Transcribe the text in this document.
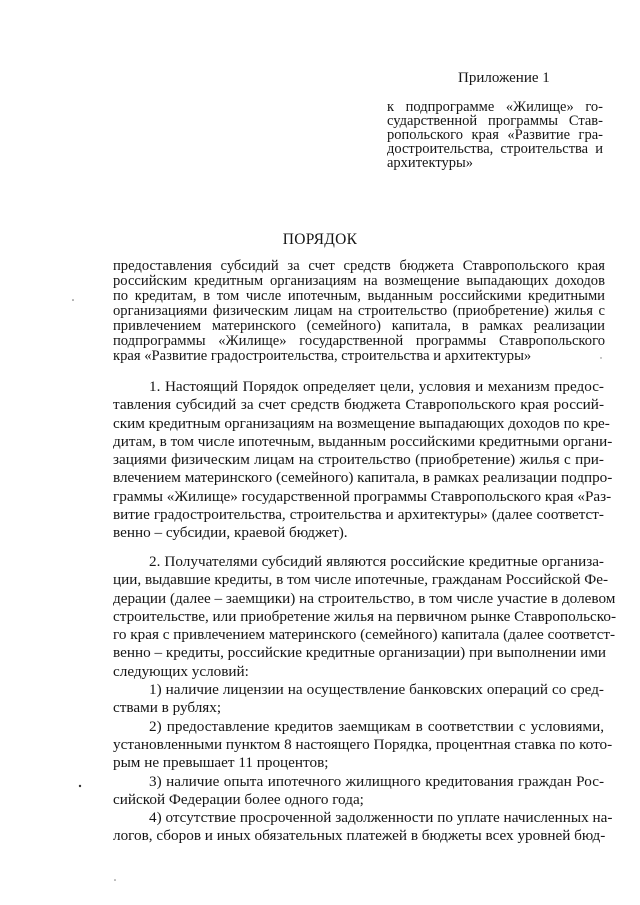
Приложение 1
к подпрограмме «Жилище» го-
сударственной программы Став-
ропольского края «Развитие гра-
достроительства, строительства и
архитектуры»
ПОРЯДОК
предоставления субсидий за счет средств бюджета Ставропольского края
российским кредитным организациям на возмещение выпадающих доходов
по кредитам, в том числе ипотечным, выданным российскими кредитными
организациями физическим лицам на строительство (приобретение) жилья с
привлечением материнского (семейного) капитала, в рамках реализации
подпрограммы «Жилище» государственной программы Ставропольского
края «Развитие градостроительства, строительства и архитектуры»
1. Настоящий Порядок определяет цели, условия и механизм предос-
тавления субсидий за счет средств бюджета Ставропольского края россий-
ским кредитным организациям на возмещение выпадающих доходов по кре-
дитам, в том числе ипотечным, выданным российскими кредитными органи-
зациями физическим лицам на строительство (приобретение) жилья с при-
влечением материнского (семейного) капитала, в рамках реализации подпро-
граммы «Жилище» государственной программы Ставропольского края «Раз-
витие градостроительства, строительства и архитектуры» (далее соответст-
венно – субсидии, краевой бюджет).
2. Получателями субсидий являются российские кредитные организа-
ции, выдавшие кредиты, в том числе ипотечные, гражданам Российской Фе-
дерации (далее – заемщики) на строительство, в том числе участие в долевом
строительстве, или приобретение жилья на первичном рынке Ставропольско-
го края с привлечением материнского (семейного) капитала (далее соответст-
венно – кредиты, российские кредитные организации) при выполнении ими
следующих условий:
1) наличие лицензии на осуществление банковских операций со сред-
ствами в рублях;
2) предоставление кредитов заемщикам в соответствии с условиями,
установленными пунктом 8 настоящего Порядка, процентная ставка по кото-
рым не превышает 11 процентов;
3) наличие опыта ипотечного жилищного кредитования граждан Рос-
сийской Федерации более одного года;
4) отсутствие просроченной задолженности по уплате начисленных на-
логов, сборов и иных обязательных платежей в бюджеты всех уровней бюд-
